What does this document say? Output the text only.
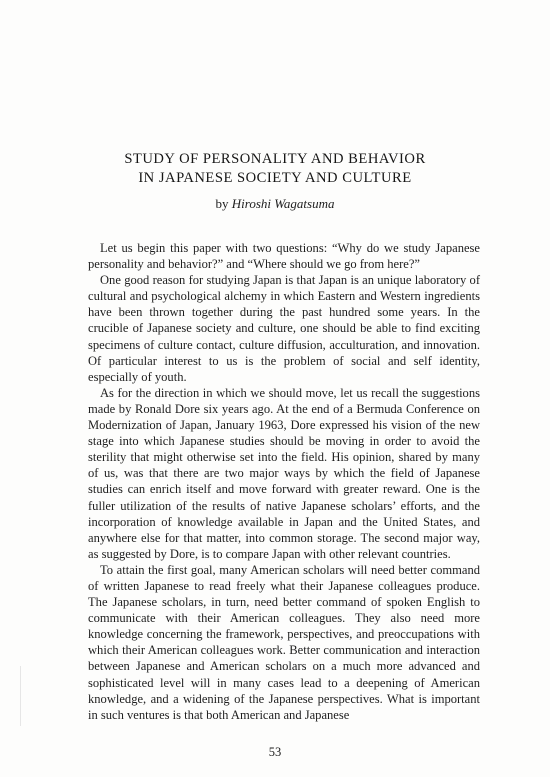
STUDY OF PERSONALITY AND BEHAVIOR
IN JAPANESE SOCIETY AND CULTURE
by Hiroshi Wagatsuma

Let us begin this paper with two questions: “Why do we study Japanese personality and behavior?” and “Where should we go from here?”

One good reason for studying Japan is that Japan is an unique laboratory of cultural and psychological alchemy in which Eastern and Western ingredients have been thrown together during the past hundred some years. In the crucible of Japanese society and culture, one should be able to find exciting specimens of culture contact, culture diffusion, acculturation, and innovation. Of particular interest to us is the problem of social and self identity, especially of youth.

As for the direction in which we should move, let us recall the suggestions made by Ronald Dore six years ago. At the end of a Bermuda Conference on Modernization of Japan, January 1963, Dore expressed his vision of the new stage into which Japanese studies should be moving in order to avoid the sterility that might otherwise set into the field. His opinion, shared by many of us, was that there are two major ways by which the field of Japanese studies can enrich itself and move forward with greater reward. One is the fuller utilization of the results of native Japanese scholars’ efforts, and the incorporation of knowledge available in Japan and the United States, and anywhere else for that matter, into common storage. The second major way, as suggested by Dore, is to compare Japan with other relevant countries.

To attain the first goal, many American scholars will need better command of written Japanese to read freely what their Japanese colleagues produce. The Japanese scholars, in turn, need better command of spoken English to communicate with their American colleagues. They also need more knowledge concerning the framework, perspectives, and preoccupations with which their American colleagues work. Better communication and interaction between Japanese and American scholars on a much more advanced and sophisticated level will in many cases lead to a deepening of American knowledge, and a widening of the Japanese perspectives. What is important in such ventures is that both American and Japanese

53
